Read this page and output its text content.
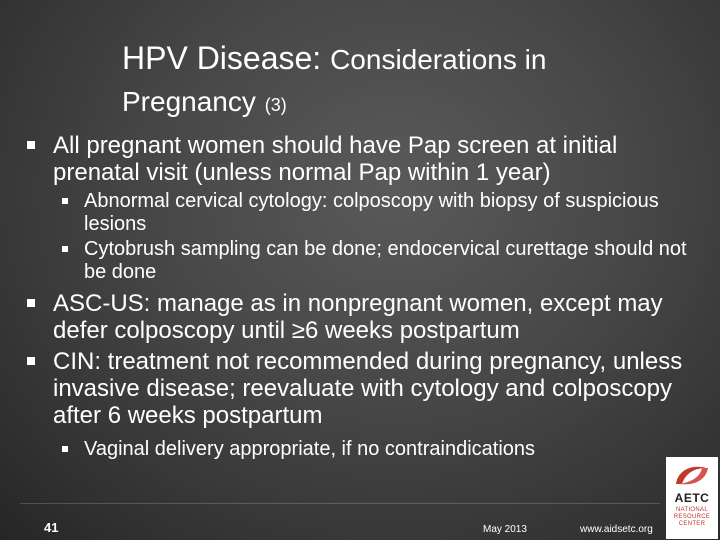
HPV Disease: Considerations in
Pregnancy (3)
All pregnant women should have Pap screen at initial prenatal visit (unless normal Pap within 1 year)
Abnormal cervical cytology: colposcopy with biopsy of suspicious lesions
Cytobrush sampling can be done; endocervical curettage should not be done
ASC-US: manage as in nonpregnant women, except may defer colposcopy until ≥6 weeks postpartum
CIN: treatment not recommended during pregnancy, unless invasive disease; reevaluate with cytology and colposcopy after 6 weeks postpartum
Vaginal delivery appropriate, if no contraindications
41	May 2013	www.aidsetc.org
AETC
NATIONAL
RESOURCE
CENTER
